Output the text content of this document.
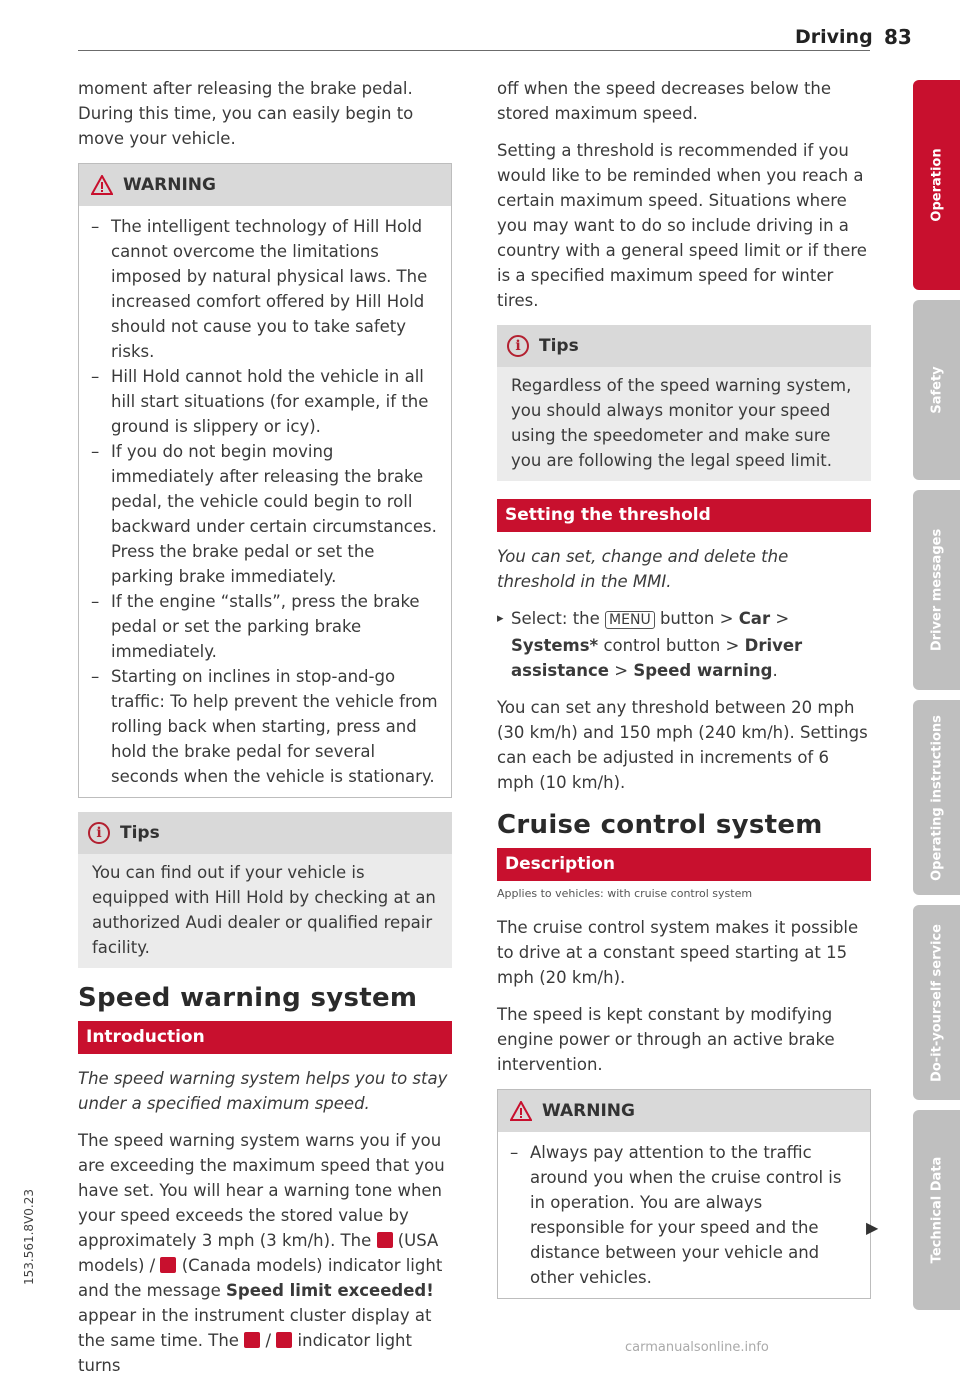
Driving 83

moment after releasing the brake pedal. During this time, you can easily begin to move your vehicle.

WARNING
– The intelligent technology of Hill Hold cannot overcome the limitations imposed by natural physical laws. The increased comfort offered by Hill Hold should not cause you to take safety risks.
– Hill Hold cannot hold the vehicle in all hill start situations (for example, if the ground is slippery or icy).
– If you do not begin moving immediately after releasing the brake pedal, the vehicle could begin to roll backward under certain circumstances. Press the brake pedal or set the parking brake immediately.
– If the engine “stalls”, press the brake pedal or set the parking brake immediately.
– Starting on inclines in stop-and-go traffic: To help prevent the vehicle from rolling back when starting, press and hold the brake pedal for several seconds when the vehicle is stationary.
i	Tips
You can find out if your vehicle is equipped with Hill Hold by checking at an authorized Audi dealer or qualified repair facility.
Speed warning system
Introduction

The speed warning system helps you to stay under a specified maximum speed.

The speed warning system warns you if you are exceeding the maximum speed that you have set. You will hear a warning tone when your speed exceeds the stored value by approximately 3 mph (3 km/h). The (USA models) / (Canada models) indicator light and the message Speed limit exceeded! appear in the instrument cluster display at the same time. The / indicator light turns

off when the speed decreases below the stored maximum speed.

Setting a threshold is recommended if you would like to be reminded when you reach a certain maximum speed. Situations where you may want to do so include driving in a country with a general speed limit or if there is a specified maximum speed for winter tires.

i	Tips
Regardless of the speed warning system, you should always monitor your speed using the speedometer and make sure you are following the legal speed limit.
Setting the threshold

You can set, change and delete the threshold in the MMI.

▸ Select: the MENU button > Car > Systems* control button > Driver assistance > Speed warning.

You can set any threshold between 20 mph (30 km/h) and 150 mph (240 km/h). Settings can each be adjusted in increments of 6 mph (10 km/h).

Cruise control system
Description

Applies to vehicles: with cruise control system

The cruise control system makes it possible to drive at a constant speed starting at 15 mph (20 km/h).

The speed is kept constant by modifying engine power or through an active brake intervention.

WARNING
– Always pay attention to the traffic around you when the cruise control is in operation. You are always responsible for your speed and the distance between your vehicle and other vehicles.
▶
Operation
Safety
Driver messages
Operating instructions
Do-it-yourself service
Technical Data
153.561.8V0.23
carmanualsonline.info
